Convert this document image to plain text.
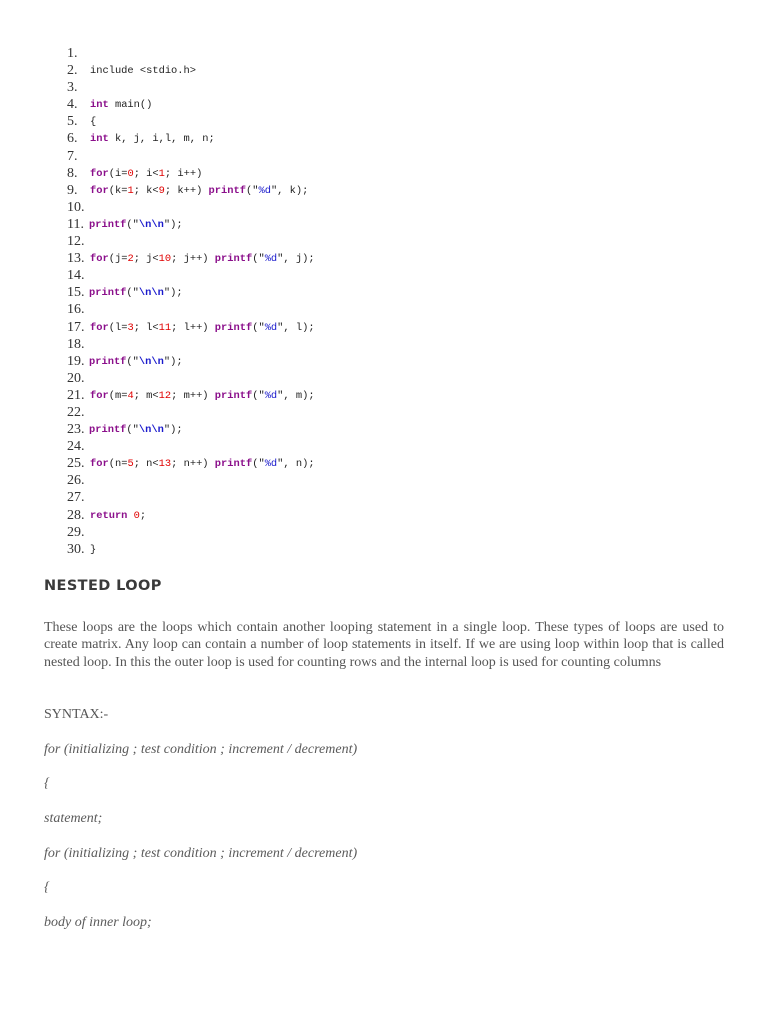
1.
2.	include <stdio.h>
3.
4.	int main()
5.	{
6.	int k, j, i,l, m, n;
7.
8.	for(i=0; i<1; i++)
9.	for(k=1; k<9; k++) printf("%d", k);
10.
11. printf("\n\n");
12.
13. for(j=2; j<10; j++) printf("%d", j);
14.
15. printf("\n\n");
16.
17. for(l=3; l<11; l++) printf("%d", l);
18.
19. printf("\n\n");
20.
21. for(m=4; m<12; m++) printf("%d", m);
22.
23. printf("\n\n");
24.
25. for(n=5; n<13; n++) printf("%d", n);
26.
27.
28. return 0;
29.
30. }
NESTED LOOP

These loops are the loops which contain another looping statement in a single loop. These types of loops are used to create matrix. Any loop can contain a number of loop statements in itself. If we are using loop within loop that is called nested loop. In this the outer loop is used for counting rows and the internal loop is used for counting columns

SYNTAX:-

for (initializing ; test condition ; increment / decrement)

{

statement;

for (initializing ; test condition ; increment / decrement)

{

body of inner loop;
